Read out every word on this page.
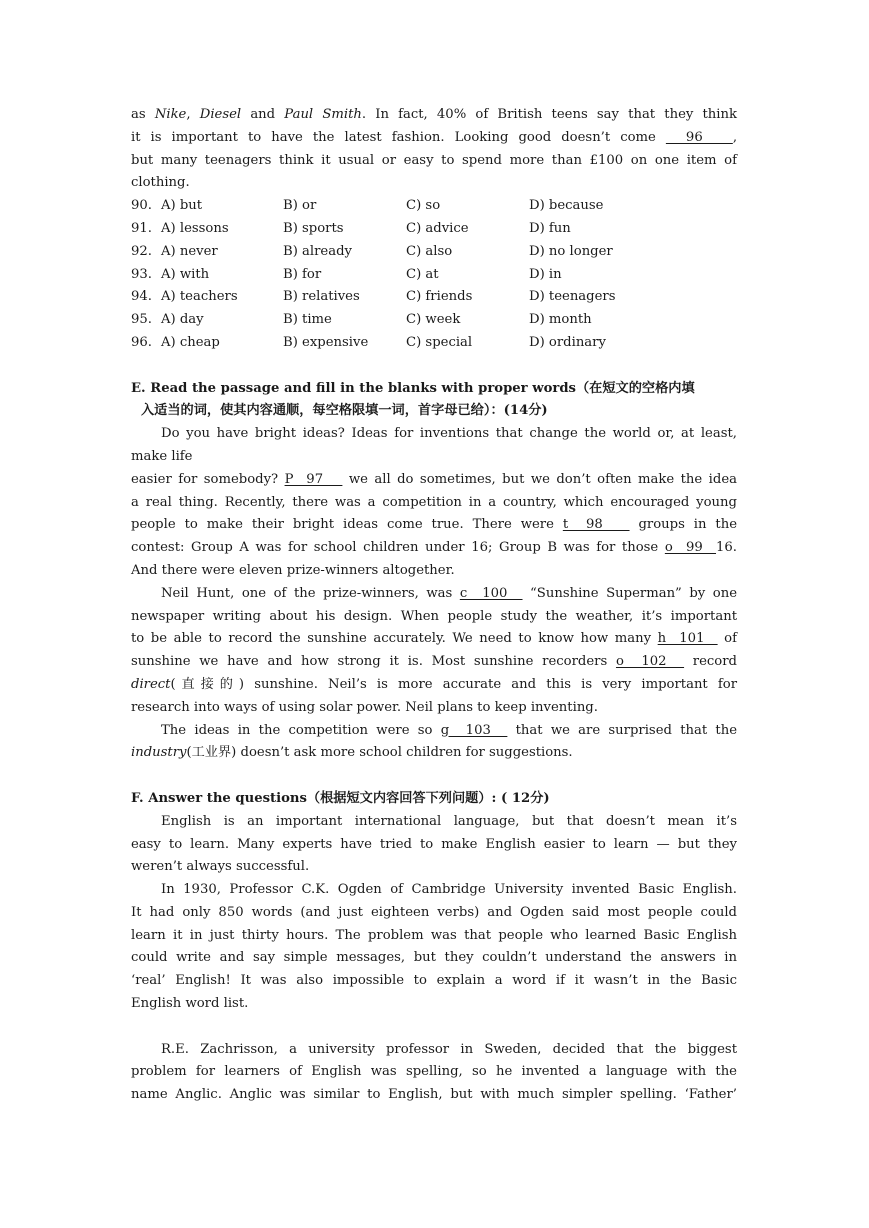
as Nike, Diesel and Paul Smith. In fact, 40% of British teens say that they think
it is important to have the latest fashion. Looking good doesn’t come   96   ,
but many teenagers think it usual or easy to spend more than £100 on one item of
clothing.
90. A) but	B) or	C) so	D) because
91. A) lessons	B) sports	C) advice	D) fun
92. A) never	B) already	C) also	D) no longer
93. A) with	B) for	C) at	D) in
94. A) teachers	B) relatives	C) friends	D) teenagers
95. A) day	B) time	C) week	D) month
96. A) cheap	B) expensive	C) special	D) ordinary
E. Read the passage and fill in the blanks with proper words（在短文的空格内填
入适当的词，使其内容通顺，每空格限填一词，首字母已给）：(14分)
Do you have bright ideas? Ideas for inventions that change the world or, at least,
make life
easier for somebody? P  97    we all do sometimes, but we don’t often make the idea
a real thing. Recently, there was a competition in a country, which encouraged young
people to make their bright ideas come true. There were t  98    groups in the
contest: Group A was for school children under 16; Group B was for those o  99  16.
And there were eleven prize-winners altogether.
Neil Hunt, one of the prize-winners, was c  100   “Sunshine Superman” by one
newspaper writing about his design. When people study the weather, it’s important
to be able to record the sunshine accurately. We need to know how many h  101   of
sunshine we have and how strong it is. Most sunshine recorders o  102   record
direct(直接的) sunshine. Neil’s is more accurate and this is very important for
research into ways of using solar power. Neil plans to keep inventing.
The ideas in the competition were so g  103   that we are surprised that the
industry(工业界) doesn’t ask more school children for suggestions.
F. Answer the questions（根据短文内容回答下列问题）: ( 12分)
English is an important international language, but that doesn’t mean it’s
easy to learn. Many experts have tried to make English easier to learn — but they
weren’t always successful.
In 1930, Professor C.K. Ogden of Cambridge University invented Basic English.
It had only 850 words (and just eighteen verbs) and Ogden said most people could
learn it in just thirty hours. The problem was that people who learned Basic English
could write and say simple messages, but they couldn’t understand the answers in
‘real’ English! It was also impossible to explain a word if it wasn’t in the Basic
English word list.
R.E. Zachrisson, a university professor in Sweden, decided that the biggest
problem for learners of English was spelling, so he invented a language with the
name Anglic. Anglic was similar to English, but with much simpler spelling. ‘Father’
